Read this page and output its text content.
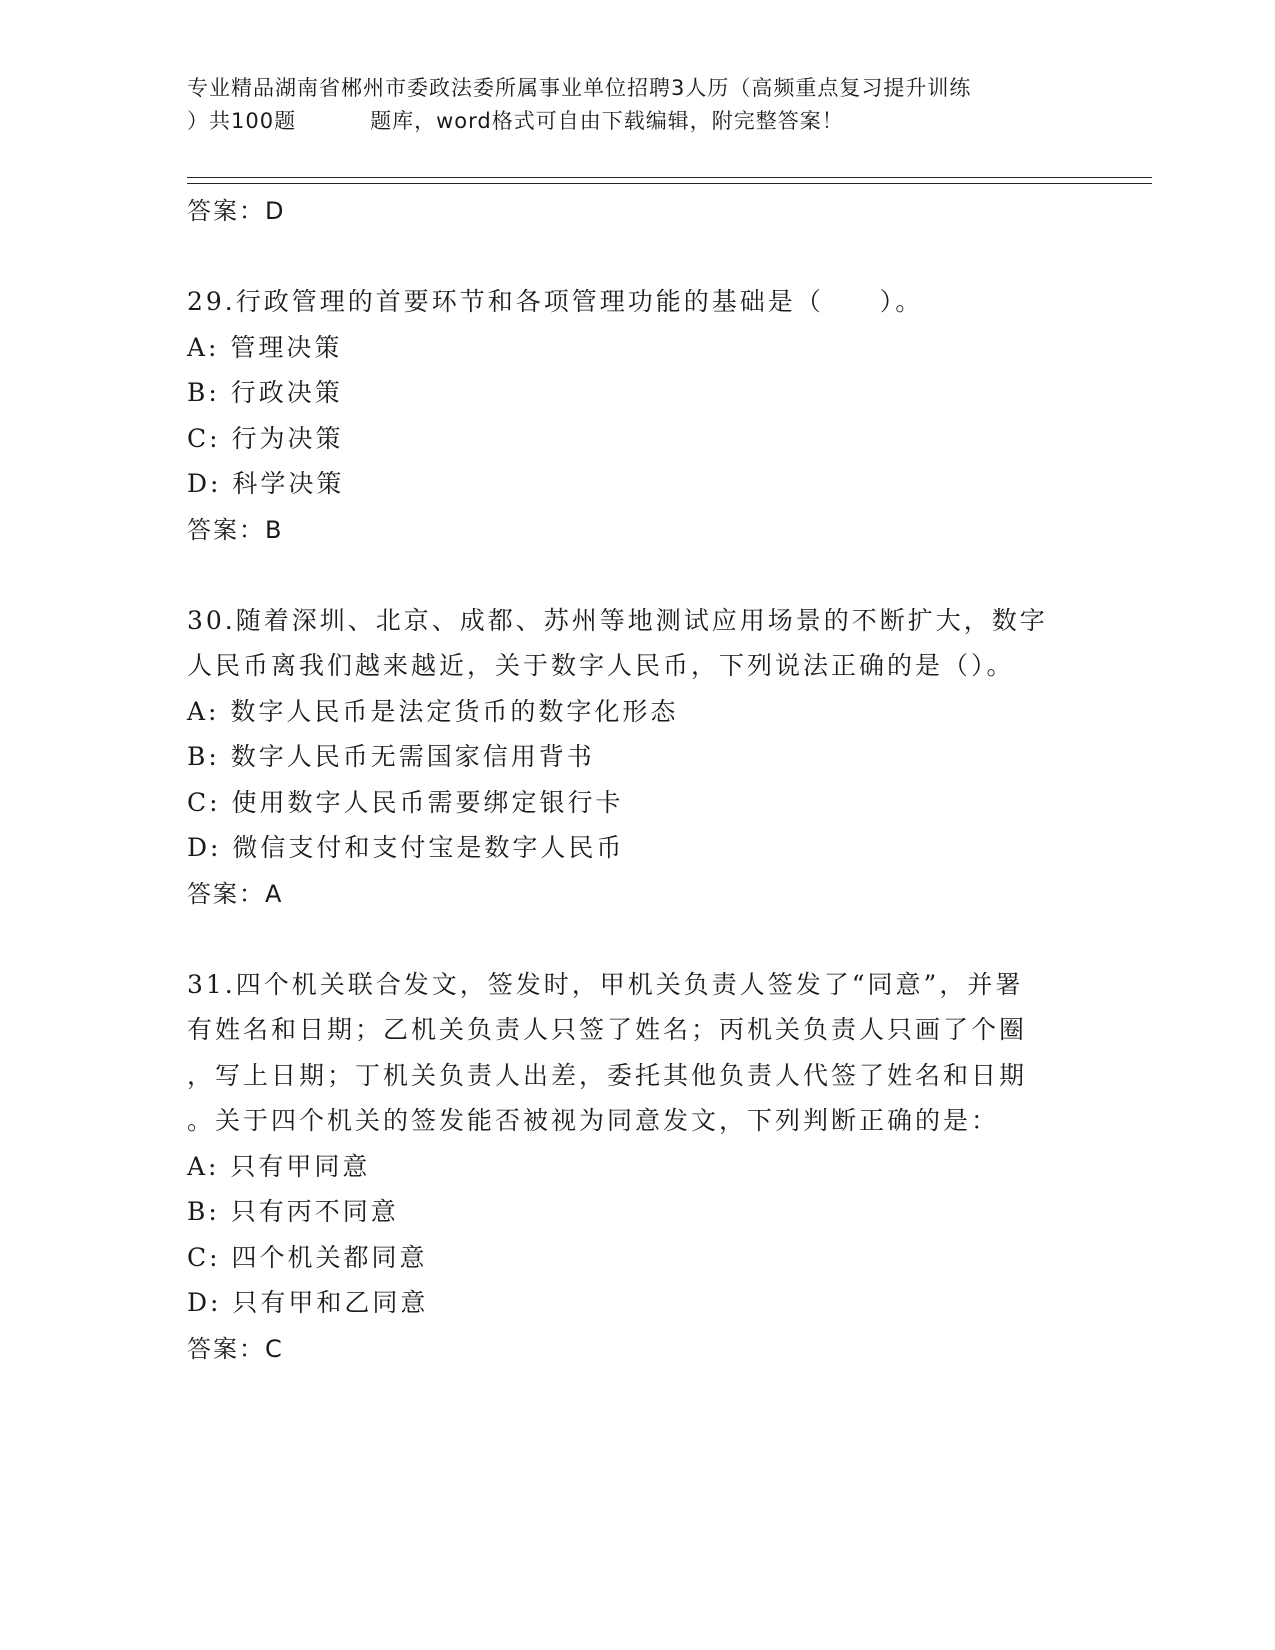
专业精品湖南省郴州市委政法委所属事业单位招聘3人历（高频重点复习提升训练
）共100题	题库，word格式可自由下载编辑，附完整答案！
答案：D
29.行政管理的首要环节和各项管理功能的基础是（　　）。
A: 管理决策
B: 行政决策
C: 行为决策
D: 科学决策
答案：B
30.随着深圳、北京、成都、苏州等地测试应用场景的不断扩大，数字
人民币离我们越来越近，关于数字人民币，下列说法正确的是（）。
A: 数字人民币是法定货币的数字化形态
B: 数字人民币无需国家信用背书
C: 使用数字人民币需要绑定银行卡
D: 微信支付和支付宝是数字人民币
答案：A
31.四个机关联合发文，签发时，甲机关负责人签发了“同意”，并署
有姓名和日期；乙机关负责人只签了姓名；丙机关负责人只画了个圈
，写上日期；丁机关负责人出差，委托其他负责人代签了姓名和日期
。关于四个机关的签发能否被视为同意发文，下列判断正确的是：
A: 只有甲同意
B: 只有丙不同意
C: 四个机关都同意
D: 只有甲和乙同意
答案：C
